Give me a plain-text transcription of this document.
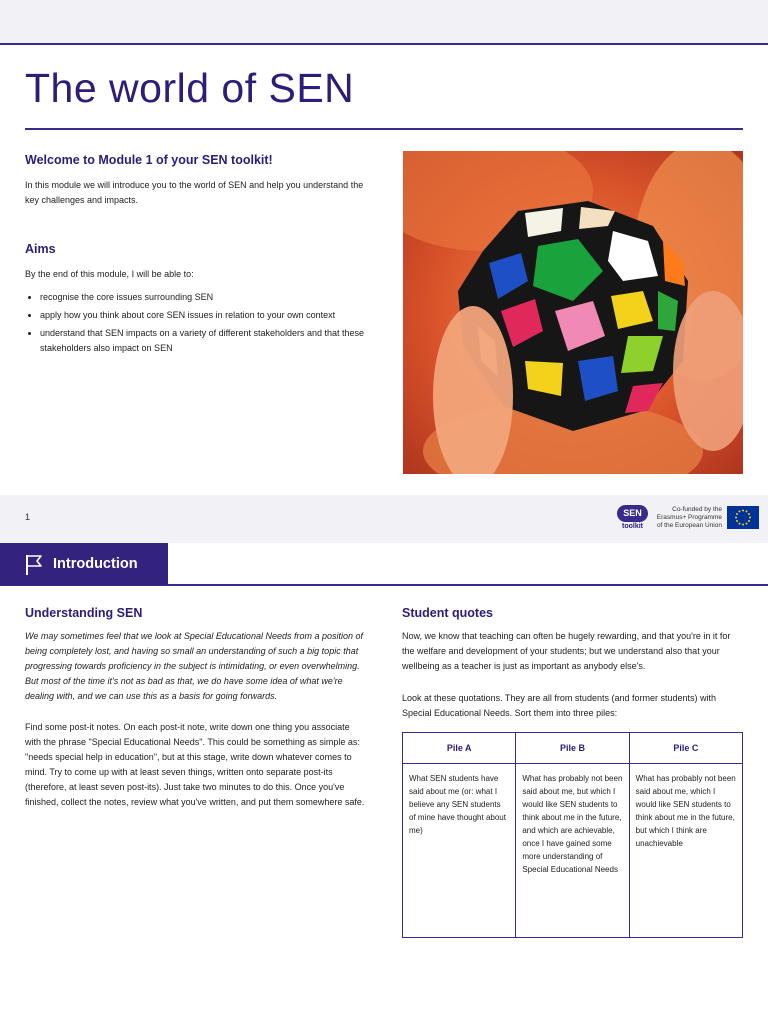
The world of SEN
Welcome to Module 1 of your SEN toolkit!

In this module we will introduce you to the world of SEN and help you understand the key challenges and impacts.

Aims

By the end of this module, I will be able to:

• recognise the core issues surrounding SEN
• apply how you think about core SEN issues in relation to your own context
• understand that SEN impacts on a variety of different stakeholders and that these stakeholders also impact on SEN
1	SEN
toolkit
Co-funded by the Erasmus+ Programme of the European Union
Introduction
Understanding SEN

We may sometimes feel that we look at Special Educational Needs from a position of being completely lost, and having so small an understanding of such a big topic that progressing towards proficiency in the subject is intimidating, or even overwhelming. But most of the time it's not as bad as that, we do have some idea of what we're dealing with, and we can use this as a basis for going forwards.

Find some post-it notes. On each post-it note, write down one thing you associate with the phrase "Special Educational Needs". This could be something as simple as: "needs special help in education", but at this stage, write down whatever comes to mind. Try to come up with at least seven things, written onto separate post-its (therefore, at least seven post-its). Just take two minutes to do this. Once you've finished, collect the notes, review what you've written, and put them somewhere safe.

Student quotes

Now, we know that teaching can often be hugely rewarding, and that you're in it for the welfare and development of your students; but we understand also that your wellbeing as a teacher is just as important as anybody else's.

Look at these quotations. They are all from students (and former students) with Special Educational Needs. Sort them into three piles:

Pile A	Pile B	Pile C
What SEN students have said about me (or: what I believe any SEN students of mine have thought about me)	What has probably not been said about me, but which I would like SEN students to think about me in the future, and which are achievable, once I have gained some more understanding of Special Educational Needs	What has probably not been said about me, which I would like SEN students to think about me in the future, but which I think are unachievable
